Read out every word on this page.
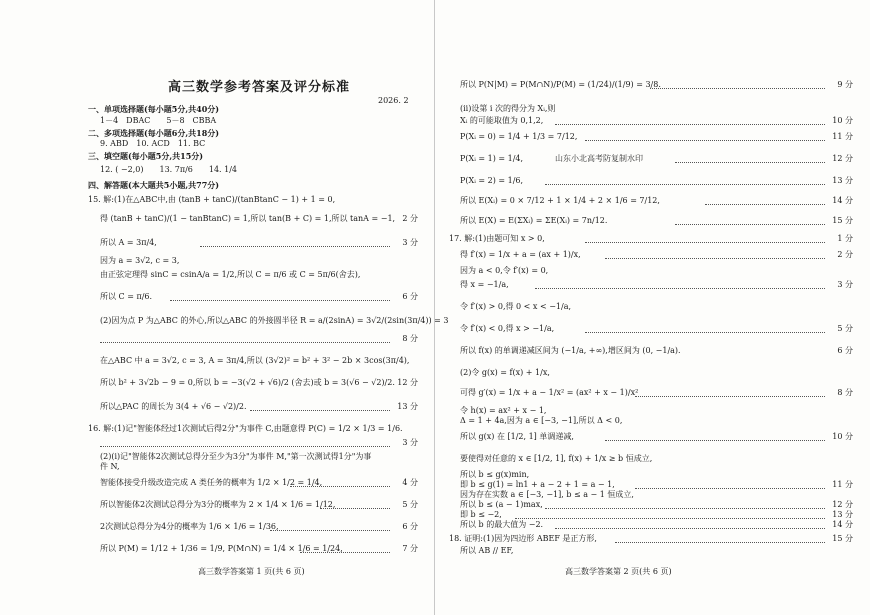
高三数学参考答案及评分标准
2026. 2
一、单项选择题(每小题5分,共40分)
1－4　DBAC　　5－8　CBBA
二、多项选择题(每小题6分,共18分)
9. ABD　10. ACD　11. BC
三、填空题(每小题5分,共15分)
12. ( −2,0)　　13. 7π/6　　14. 1/4
四、解答题(本大题共5小题,共77分)
15. 解:(1)在△ABC中,由 (tanB + tanC)/(tanBtanC − 1) + 1 = 0,
得 (tanB + tanC)/(1 − tanBtanC) = 1,所以 tan(B + C) = 1,所以 tanA = −1, 2 分
所以 A = 3π/4,	3 分
因为 a = 3√2, c = 3,
由正弦定理得 sinC = csinA/a = 1/2,所以 C = π/6 或 C = 5π/6(舍去),
所以 C = π/6.	6 分
(2)因为点 P 为△ABC 的外心,所以△ABC 的外接圆半径 R = a/(2sinA) = 3√2/(2sin(3π/4)) = 3
8 分
在△ABC 中 a = 3√2, c = 3, A = 3π/4,所以 (3√2)² = b² + 3² − 2b × 3cos(3π/4),
所以 b² + 3√2b − 9 = 0,所以 b = −3(√2 + √6)/2 (舍去)或 b = 3(√6 − √2)/2. 12 分
所以△PAC 的周长为 3(4 + √6 − √2)/2.	13 分
16. 解:(1)记"智能体经过1次测试后得2分"为事件 C,由题意得 P(C) = 1/2 × 1/3 = 1/6.
3 分
(2)(i)记"智能体2次测试总得分至少为3分"为事件 M,"第一次测试得1分"为事
件 N,
智能体接受升级改造完成 A 类任务的概率为 1/2 × 1/2 = 1/4,	4 分
所以智能体2次测试总得分为3分的概率为 2 × 1/4 × 1/6 = 1/12,	5 分
2次测试总得分为4分的概率为 1/6 × 1/6 = 1/36,	6 分
所以 P(M) = 1/12 + 1/36 = 1/9, P(M∩N) = 1/4 × 1/6 = 1/24,	7 分
高三数学答案第 1 页(共 6 页)
所以 P(N|M) = P(M∩N)/P(M) = (1/24)/(1/9) = 3/8.	9 分
(ii)设第 i 次的得分为 Xᵢ,则
Xᵢ 的可能取值为 0,1,2,	10 分
P(Xᵢ = 0) = 1/4 + 1/3 = 7/12,	11 分
P(Xᵢ = 1) = 1/4,	山东小北高考防复制水印	12 分
P(Xᵢ = 2) = 1/6,	13 分
所以 E(Xᵢ) = 0 × 7/12 + 1 × 1/4 + 2 × 1/6 = 7/12,	14 分
所以 E(X) = E(ΣXᵢ) = ΣE(Xᵢ) = 7n/12.	15 分
17. 解:(1)由题可知 x > 0,	1 分
得 f′(x) = 1/x + a = (ax + 1)/x,	2 分
因为 a < 0,令 f′(x) = 0,
得 x = −1/a,	3 分
令 f′(x) > 0,得 0 < x < −1/a,
令 f′(x) < 0,得 x > −1/a,	5 分
所以 f(x) 的单调递减区间为 (−1/a, +∞),增区间为 (0, −1/a).	6 分
(2)令 g(x) = f(x) + 1/x,
可得 g′(x) = 1/x + a − 1/x² = (ax² + x − 1)/x²	8 分
令 h(x) = ax² + x − 1,
Δ = 1 + 4a,因为 a ∈ [−3, −1],所以 Δ < 0,
所以 g(x) 在 [1/2, 1] 单调递减,	10 分
要使得对任意的 x ∈ [1/2, 1], f(x) + 1/x ≥ b 恒成立,
所以 b ≤ g(x)min,
即 b ≤ g(1) = ln1 + a − 2 + 1 = a − 1,	11 分
因为存在实数 a ∈ [−3, −1], b ≤ a − 1 恒成立,
所以 b ≤ (a − 1)max,	12 分
即 b ≤ −2,	13 分
所以 b 的最大值为 −2.	14 分
18. 证明:(1)因为四边形 ABEF 是正方形,	15 分
所以 AB // EF,
高三数学答案第 2 页(共 6 页)
